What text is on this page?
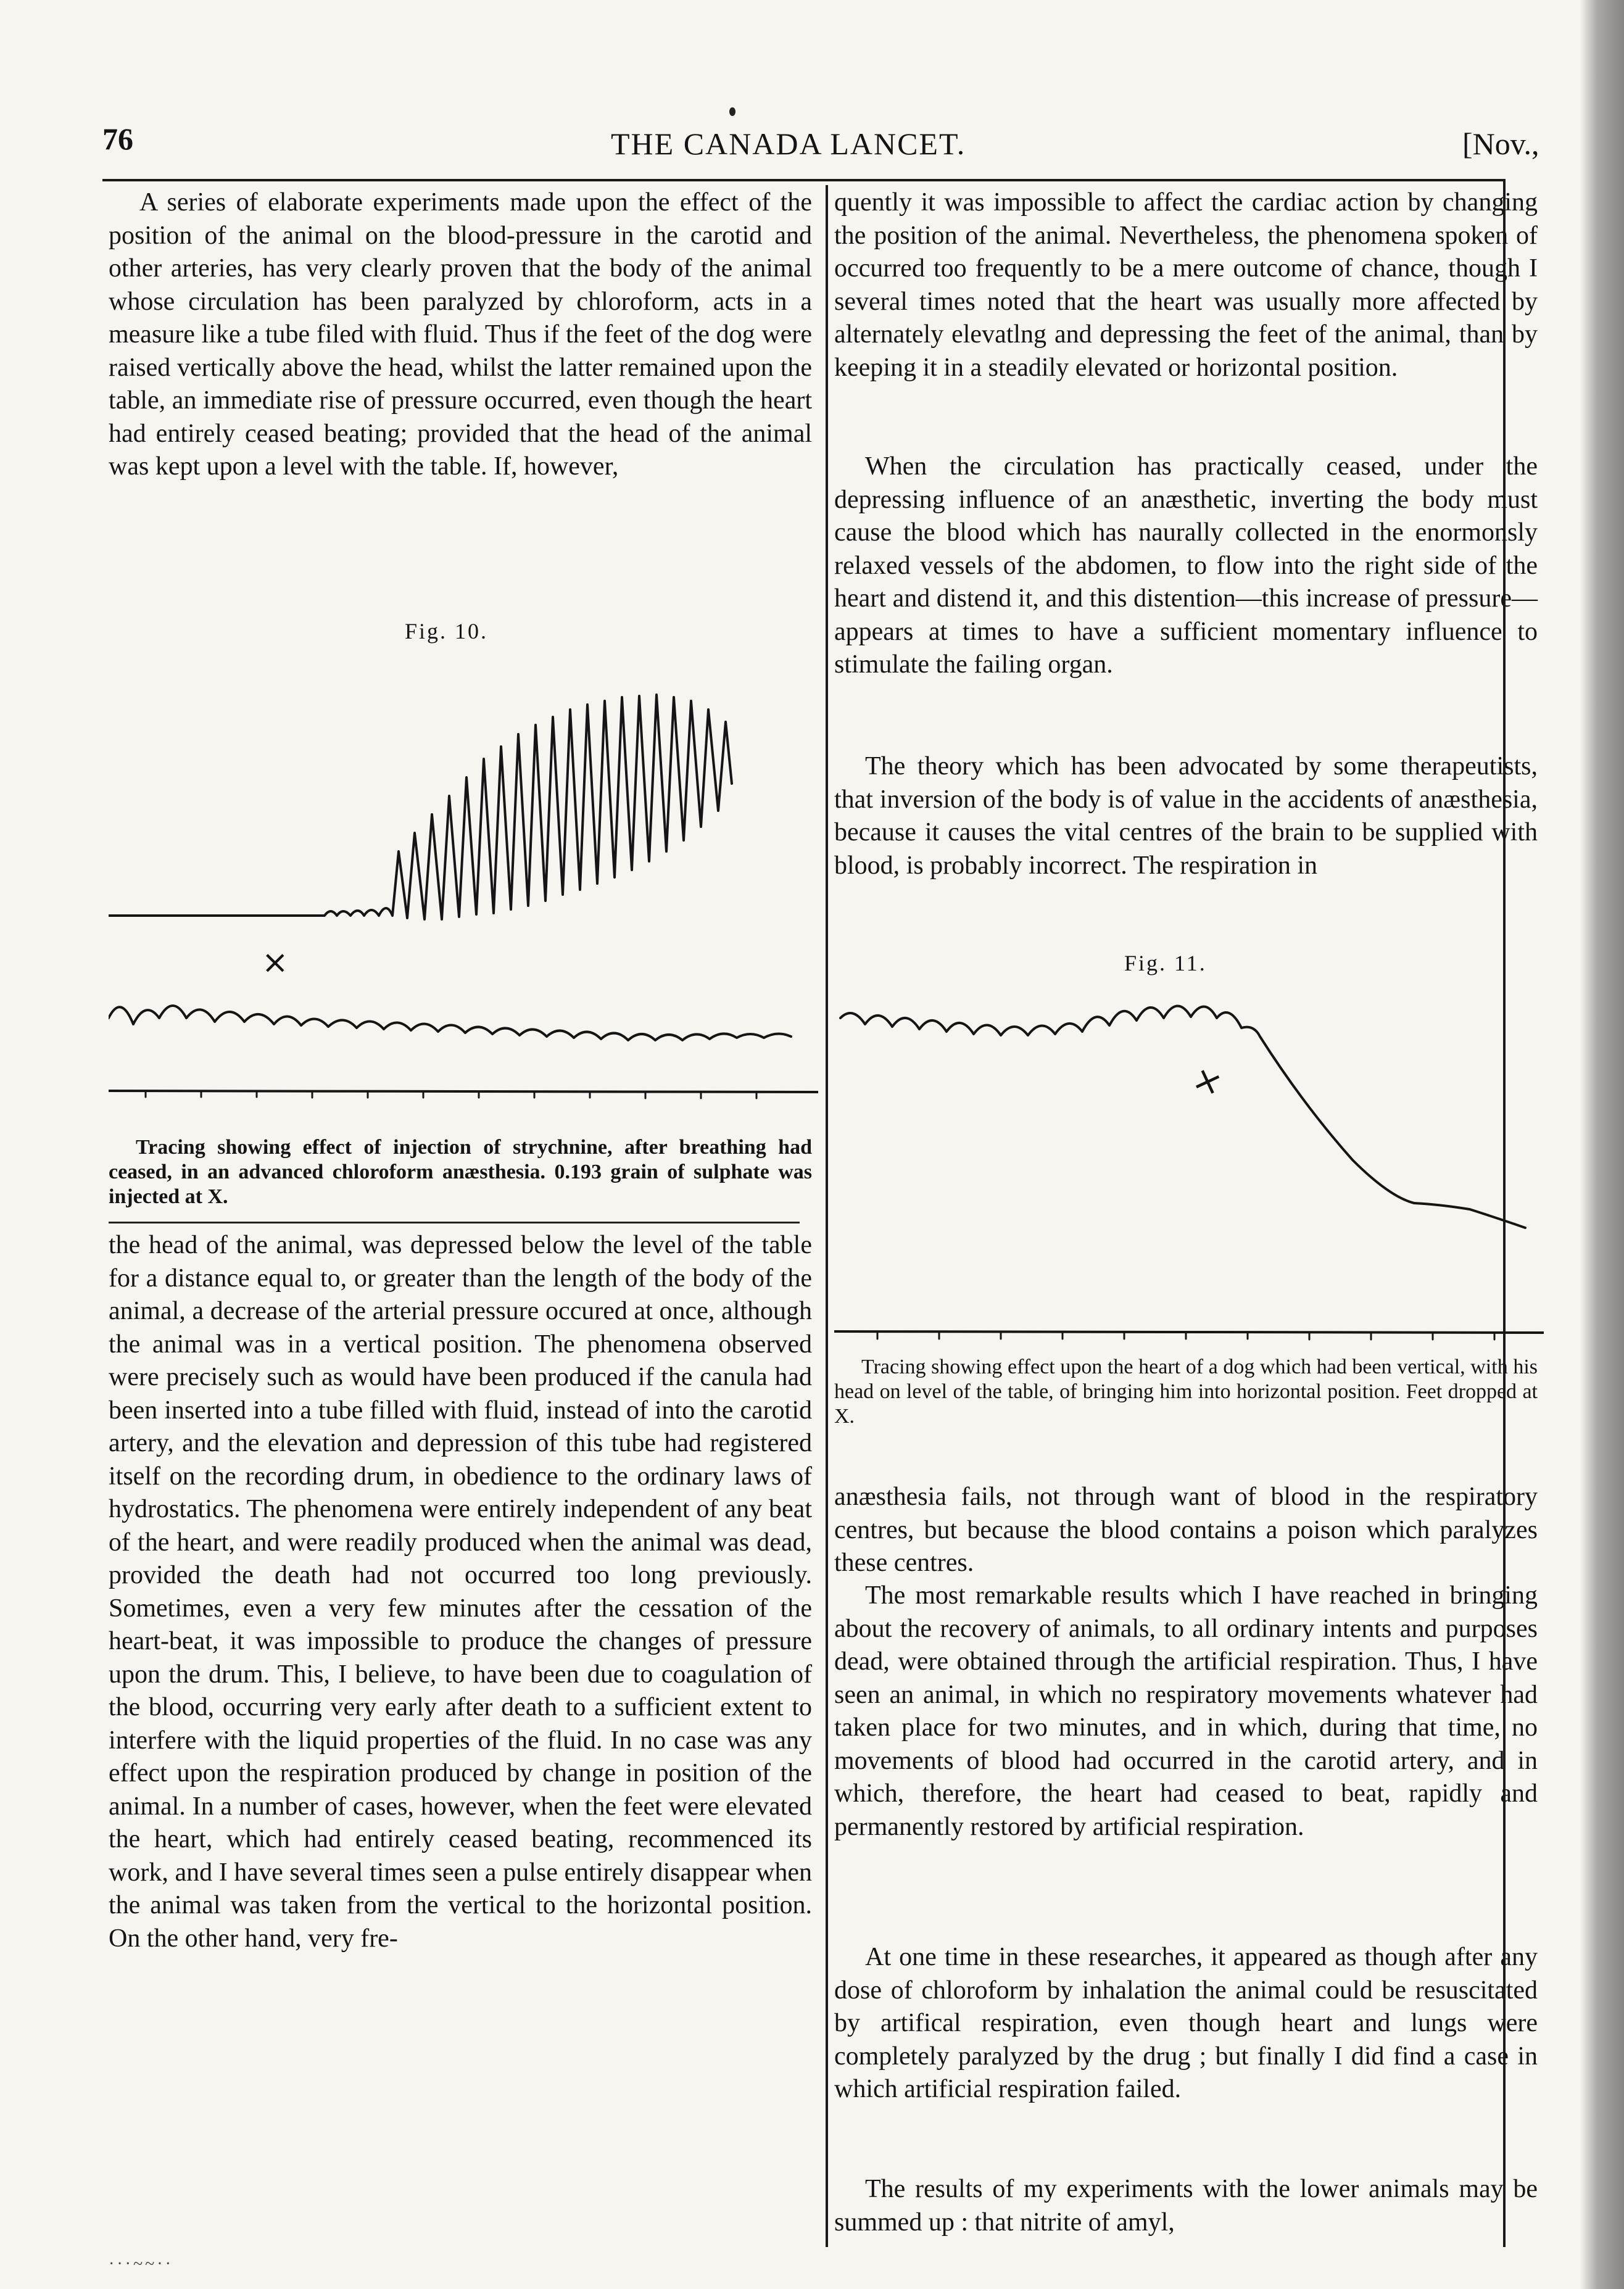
76	THE CANADA LANCET.	[Nov.,

A series of elaborate experiments made upon the effect of the position of the animal on the blood-pressure in the carotid and other arteries, has very clearly proven that the body of the animal whose circulation has been paralyzed by chloroform, acts in a measure like a tube filed with fluid. Thus if the feet of the dog were raised vertically above the head, whilst the latter remained upon the table, an immediate rise of pressure occurred, even though the heart had entirely ceased beating; provided that the head of the animal was kept upon a level with the table. If, however,

Fig. 10.
×

Tracing showing effect of injection of strychnine, after breathing had ceased, in an advanced chloroform anæsthesia. 0.193 grain of sulphate was injected at X.

the head of the animal, was depressed below the level of the table for a distance equal to, or greater than the length of the body of the animal, a decrease of the arterial pressure occured at once, although the animal was in a vertical position. The phenomena observed were precisely such as would have been produced if the canula had been inserted into a tube filled with fluid, instead of into the carotid artery, and the elevation and depression of this tube had registered itself on the recording drum, in obedience to the ordinary laws of hydrostatics. The phenomena were entirely independent of any beat of the heart, and were readily produced when the animal was dead, provided the death had not occurred too long previously. Sometimes, even a very few minutes after the cessation of the heart-beat, it was impossible to produce the changes of pressure upon the drum. This, I believe, to have been due to coagulation of the blood, occurring very early after death to a sufficient extent to interfere with the liquid properties of the fluid. In no case was any effect upon the respiration produced by change in position of the animal. In a number of cases, however, when the feet were elevated the heart, which had entirely ceased beating, recommenced its work, and I have several times seen a pulse entirely disappear when the animal was taken from the vertical to the horizontal position. On the other hand, very fre-

···~~··

quently it was impossible to affect the cardiac action by changing the position of the animal. Nevertheless, the phenomena spoken of occurred too frequently to be a mere outcome of chance, though I several times noted that the heart was usually more affected by alternately elevatlng and depressing the feet of the animal, than by keeping it in a steadily elevated or horizontal position.

When the circulation has practically ceased, under the depressing influence of an anæsthetic, inverting the body must cause the blood which has naurally collected in the enormonsly relaxed vessels of the abdomen, to flow into the right side of the heart and distend it, and this distention—this increase of pressure—appears at times to have a sufficient momentary influence to stimulate the failing organ.

The theory which has been advocated by some therapeutists, that inversion of the body is of value in the accidents of anæsthesia, because it causes the vital centres of the brain to be supplied with blood, is probably incorrect. The respiration in

Fig. 11.
×

Tracing showing effect upon the heart of a dog which had been vertical, with his head on level of the table, of bringing him into horizontal position. Feet dropped at X.

anæsthesia fails, not through want of blood in the respiratory centres, but because the blood contains a poison which paralyzes these centres.

The most remarkable results which I have reached in bringing about the recovery of animals, to all ordinary intents and purposes dead, were obtained through the artificial respiration. Thus, I have seen an animal, in which no respiratory movements whatever had taken place for two minutes, and in which, during that time, no movements of blood had occurred in the carotid artery, and in which, therefore, the heart had ceased to beat, rapidly and permanently restored by artificial respiration.

At one time in these researches, it appeared as though after any dose of chloroform by inhalation the animal could be resuscitated by artifical respiration, even though heart and lungs were completely paralyzed by the drug ; but finally I did find a case in which artificial respiration failed.

The results of my experiments with the lower animals may be summed up : that nitrite of amyl,
